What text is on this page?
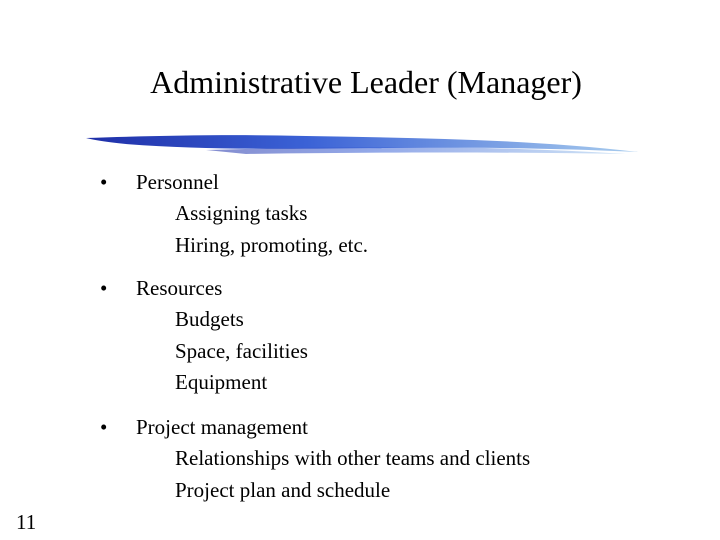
Administrative Leader (Manager)
• Personnel
Assigning tasks
Hiring, promoting, etc.
• Resources
Budgets
Space, facilities
Equipment
• Project management
Relationships with other teams and clients
Project plan and schedule
11
